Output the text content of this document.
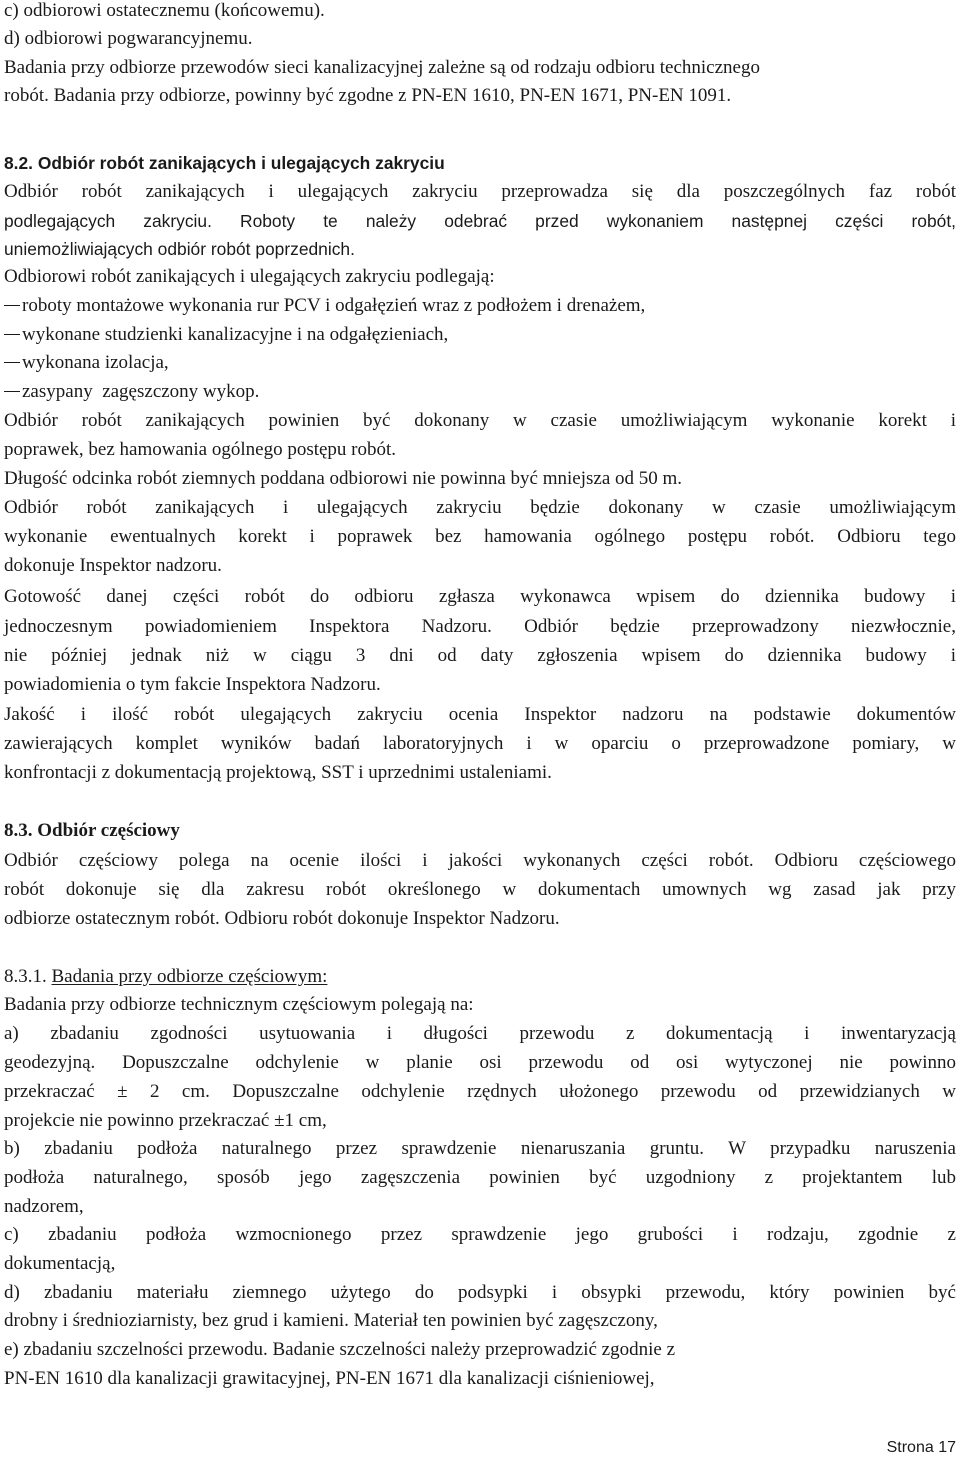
c) odbiorowi ostatecznemu (końcowemu).
d) odbiorowi pogwarancyjnemu.
Badania przy odbiorze przewodów sieci kanalizacyjnej zależne są od rodzaju odbioru technicznego
robót. Badania przy odbiorze, powinny być zgodne z PN-EN 1610, PN-EN 1671, PN-EN 1091.
8.2. Odbiór robót zanikających i ulegających zakryciu
Odbiór robót zanikających i ulegających zakryciu przeprowadza się dla poszczególnych faz robót
podlegających zakryciu. Roboty te należy odebrać przed wykonaniem następnej części robót,
uniemożliwiających odbiór robót poprzednich.
Odbiorowi robót zanikających i ulegających zakryciu podlegają:
roboty montażowe wykonania rur PCV i odgałęzień wraz z podłożem i drenażem,
wykonane studzienki kanalizacyjne i na odgałęzieniach,
wykonana izolacja,
zasypany  zagęszczony wykop.
Odbiór robót zanikających powinien być dokonany w czasie umożliwiającym wykonanie korekt i
poprawek, bez hamowania ogólnego postępu robót.
Długość odcinka robót ziemnych poddana odbiorowi nie powinna być mniejsza od 50 m.
Odbiór robót zanikających i ulegających zakryciu będzie dokonany w czasie umożliwiającym
wykonanie ewentualnych korekt i poprawek bez hamowania ogólnego postępu robót. Odbioru tego
dokonuje Inspektor nadzoru.
Gotowość danej części robót do odbioru zgłasza wykonawca wpisem do dziennika budowy i
jednoczesnym powiadomieniem Inspektora Nadzoru. Odbiór będzie przeprowadzony niezwłocznie,
nie później jednak niż w ciągu 3 dni od daty zgłoszenia wpisem do dziennika budowy i
powiadomienia o tym fakcie Inspektora Nadzoru.
Jakość i ilość robót ulegających zakryciu ocenia Inspektor nadzoru na podstawie dokumentów
zawierających komplet wyników badań laboratoryjnych i w oparciu o przeprowadzone pomiary, w
konfrontacji z dokumentacją projektową, SST i uprzednimi ustaleniami.
8.3. Odbiór częściowy
Odbiór częściowy polega na ocenie ilości i jakości wykonanych części robót. Odbioru częściowego
robót dokonuje się dla zakresu robót określonego w dokumentach umownych wg zasad jak przy
odbiorze ostatecznym robót. Odbioru robót dokonuje Inspektor Nadzoru.
8.3.1. Badania przy odbiorze częściowym:
Badania przy odbiorze technicznym częściowym polegają na:
a) zbadaniu zgodności usytuowania i długości przewodu z dokumentacją i inwentaryzacją
geodezyjną. Dopuszczalne odchylenie w planie osi przewodu od osi wytyczonej nie powinno
przekraczać ± 2 cm. Dopuszczalne odchylenie rzędnych ułożonego przewodu od przewidzianych w
projekcie nie powinno przekraczać ±1 cm,
b) zbadaniu podłoża naturalnego przez sprawdzenie nienaruszania gruntu. W przypadku naruszenia
podłoża naturalnego, sposób jego zagęszczenia powinien być uzgodniony z projektantem lub
nadzorem,
c) zbadaniu podłoża wzmocnionego przez sprawdzenie jego grubości i rodzaju, zgodnie z
dokumentacją,
d) zbadaniu materiału ziemnego użytego do podsypki i obsypki przewodu, który powinien być
drobny i średnioziarnisty, bez grud i kamieni. Materiał ten powinien być zagęszczony,
e) zbadaniu szczelności przewodu. Badanie szczelności należy przeprowadzić zgodnie z
PN-EN 1610 dla kanalizacji grawitacyjnej, PN-EN 1671 dla kanalizacji ciśnieniowej,
Strona 17
